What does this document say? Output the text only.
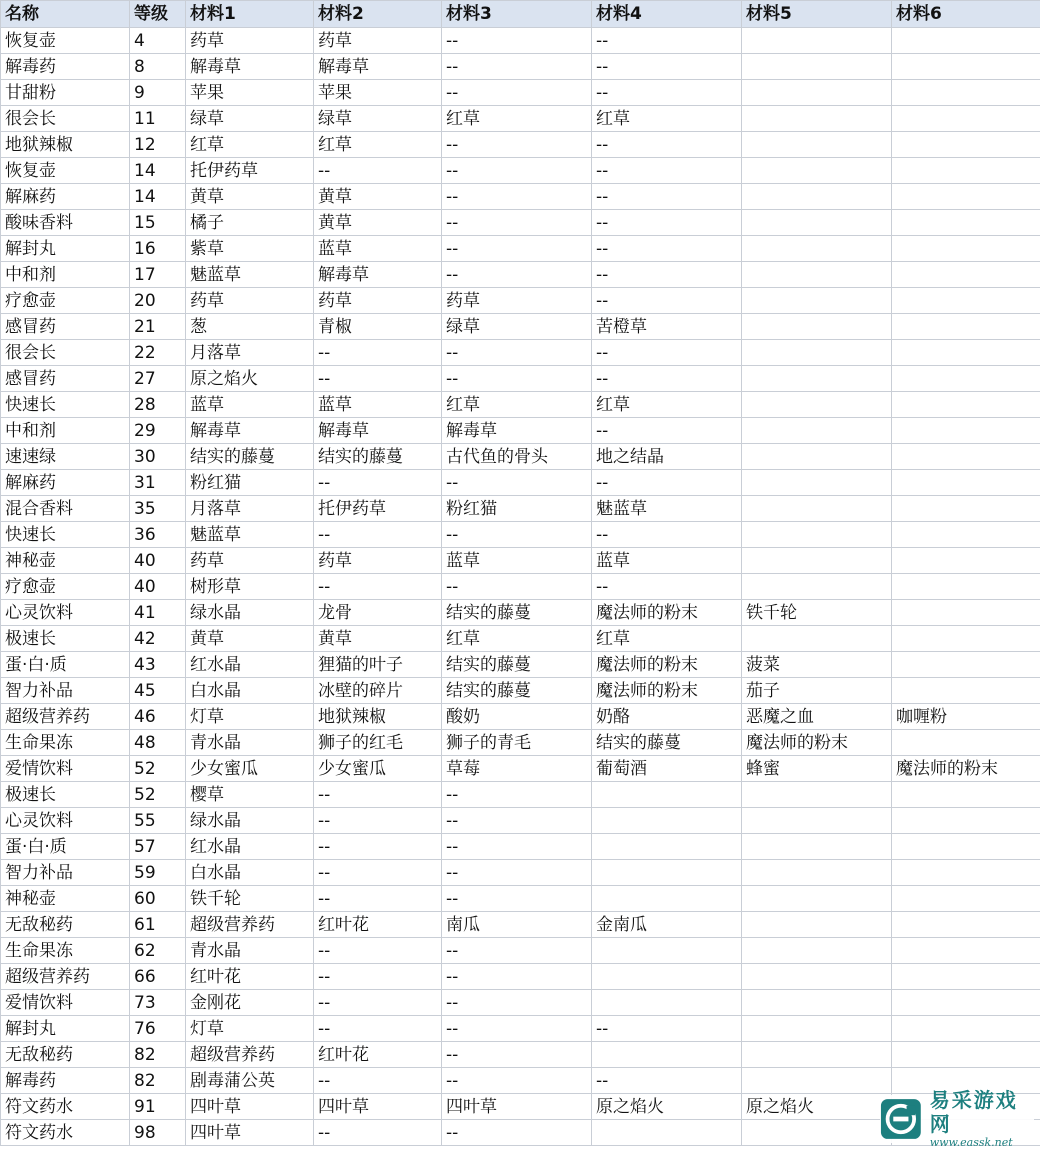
名称	等级	材料1	材料2	材料3	材料4	材料5	材料6
恢复壶	4	药草	药草	--	--		
解毒药	8	解毒草	解毒草	--	--		
甘甜粉	9	苹果	苹果	--	--		
很会长	11	绿草	绿草	红草	红草		
地狱辣椒	12	红草	红草	--	--		
恢复壶	14	托伊药草	--	--	--		
解麻药	14	黄草	黄草	--	--		
酸味香料	15	橘子	黄草	--	--		
解封丸	16	紫草	蓝草	--	--		
中和剂	17	魅蓝草	解毒草	--	--		
疗愈壶	20	药草	药草	药草	--		
感冒药	21	葱	青椒	绿草	苦橙草		
很会长	22	月落草	--	--	--		
感冒药	27	原之焰火	--	--	--		
快速长	28	蓝草	蓝草	红草	红草		
中和剂	29	解毒草	解毒草	解毒草	--		
速速绿	30	结实的藤蔓	结实的藤蔓	古代鱼的骨头	地之结晶		
解麻药	31	粉红猫	--	--	--		
混合香料	35	月落草	托伊药草	粉红猫	魅蓝草		
快速长	36	魅蓝草	--	--	--		
神秘壶	40	药草	药草	蓝草	蓝草		
疗愈壶	40	树形草	--	--	--		
心灵饮料	41	绿水晶	龙骨	结实的藤蔓	魔法师的粉末	铁千轮	
极速长	42	黄草	黄草	红草	红草		
蛋·白·质	43	红水晶	狸猫的叶子	结实的藤蔓	魔法师的粉末	菠菜	
智力补品	45	白水晶	冰壁的碎片	结实的藤蔓	魔法师的粉末	茄子	
超级营养药	46	灯草	地狱辣椒	酸奶	奶酪	恶魔之血	咖喱粉
生命果冻	48	青水晶	狮子的红毛	狮子的青毛	结实的藤蔓	魔法师的粉末	
爱情饮料	52	少女蜜瓜	少女蜜瓜	草莓	葡萄酒	蜂蜜	魔法师的粉末
极速长	52	樱草	--	--			
心灵饮料	55	绿水晶	--	--			
蛋·白·质	57	红水晶	--	--			
智力补品	59	白水晶	--	--			
神秘壶	60	铁千轮	--	--			
无敌秘药	61	超级营养药	红叶花	南瓜	金南瓜		
生命果冻	62	青水晶	--	--			
超级营养药	66	红叶花	--	--			
爱情饮料	73	金刚花	--	--			
解封丸	76	灯草	--	--	--		
无敌秘药	82	超级营养药	红叶花	--			
解毒药	82	剧毒蒲公英	--	--	--		
符文药水	91	四叶草	四叶草	四叶草	原之焰火	原之焰火	
符文药水	98	四叶草	--	--			
易采游戏网
www.eassk.net
